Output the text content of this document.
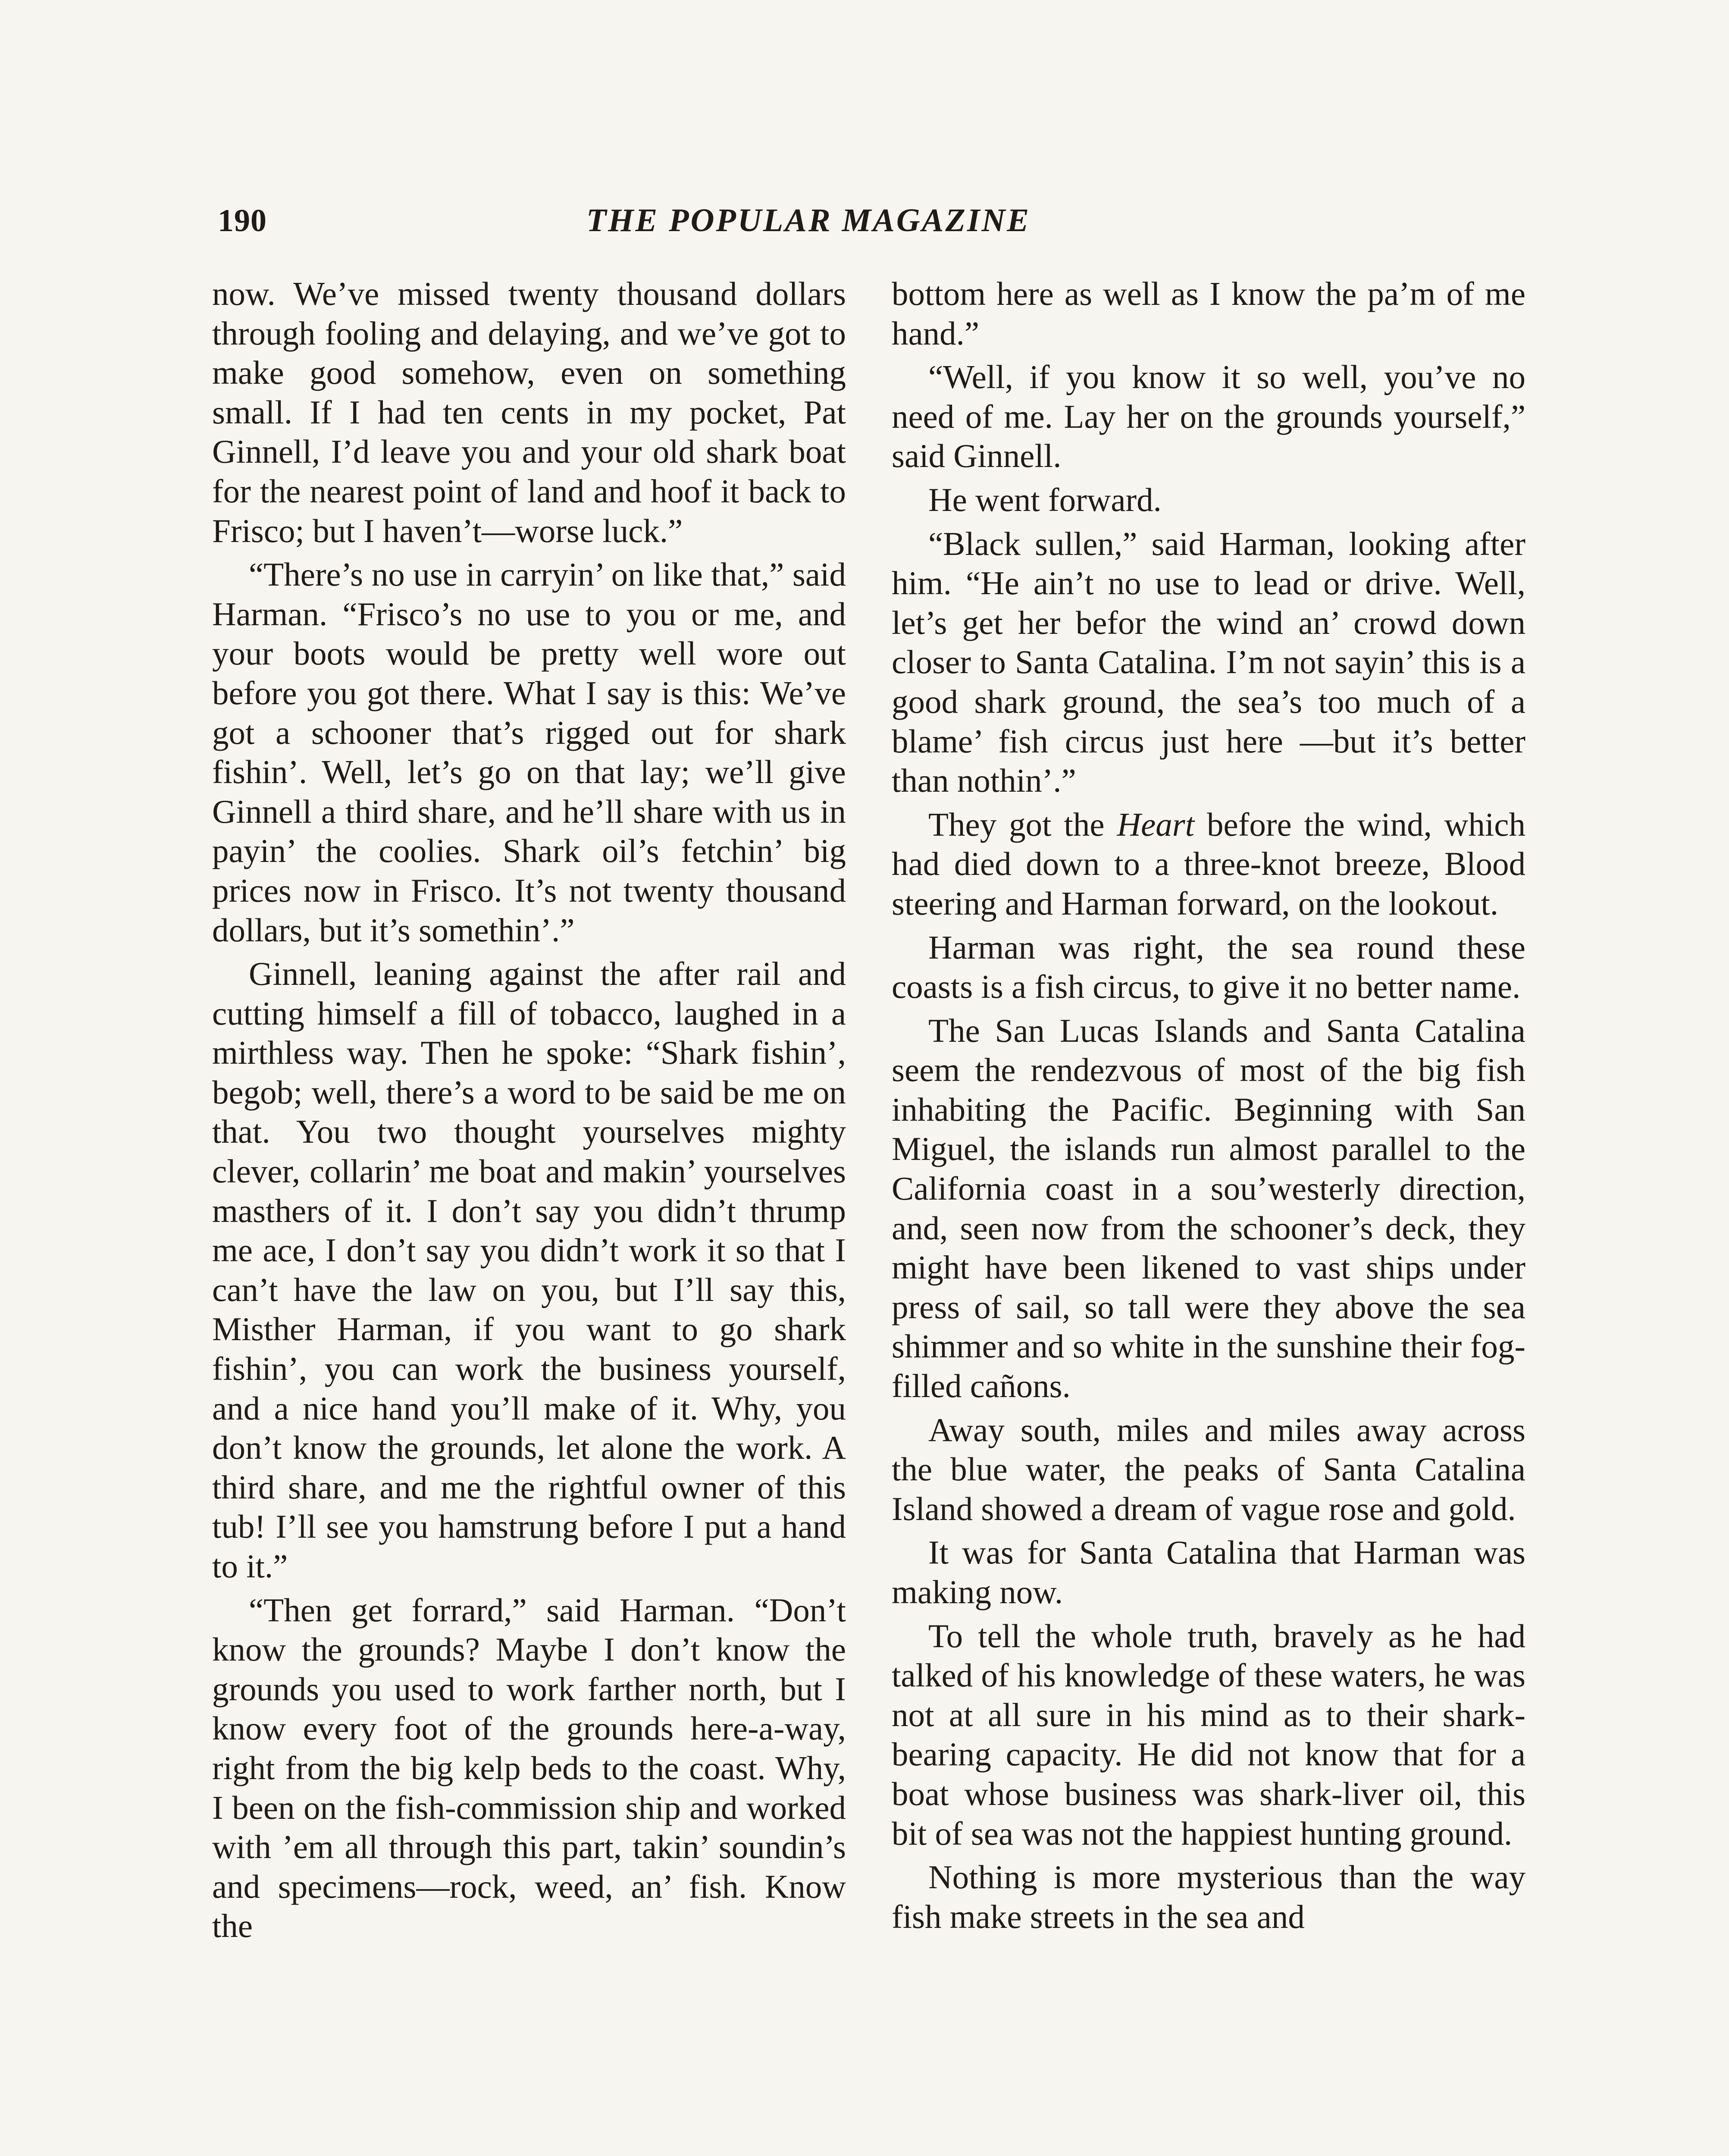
190	THE POPULAR MAGAZINE

now. We’ve missed twenty thousand dollars through fooling and delaying, and we’ve got to make good somehow, even on something small. If I had ten cents in my pocket, Pat Ginnell, I’d leave you and your old shark boat for the nearest point of land and hoof it back to Frisco; but I haven’t—worse luck.”

“There’s no use in carryin’ on like that,” said Harman. “Frisco’s no use to you or me, and your boots would be pretty well wore out before you got there. What I say is this: We’ve got a schooner that’s rigged out for shark fishin’. Well, let’s go on that lay; we’ll give Ginnell a third share, and he’ll share with us in payin’ the coolies. Shark oil’s fetchin’ big prices now in Frisco. It’s not twenty thousand dollars, but it’s somethin’.”

Ginnell, leaning against the after rail and cutting himself a fill of tobacco, laughed in a mirthless way. Then he spoke: “Shark fishin’, begob; well, there’s a word to be said be me on that. You two thought yourselves mighty clever, collarin’ me boat and makin’ yourselves masthers of it. I don’t say you didn’t thrump me ace, I don’t say you didn’t work it so that I can’t have the law on you, but I’ll say this, Misther Harman, if you want to go shark fishin’, you can work the business yourself, and a nice hand you’ll make of it. Why, you don’t know the grounds, let alone the work. A third share, and me the rightful owner of this tub! I’ll see you hamstrung before I put a hand to it.”

“Then get forrard,” said Harman. “Don’t know the grounds? Maybe I don’t know the grounds you used to work farther north, but I know every foot of the grounds here-a-way, right from the big kelp beds to the coast. Why, I been on the fish-commission ship and worked with ’em all through this part, takin’ soundin’s and specimens—rock, weed, an’ fish. Know the

bottom here as well as I know the pa’m of me hand.”

“Well, if you know it so well, you’ve no need of me. Lay her on the grounds yourself,” said Ginnell.

He went forward.

“Black sullen,” said Harman, looking after him. “He ain’t no use to lead or drive. Well, let’s get her befor the wind an’ crowd down closer to Santa Catalina. I’m not sayin’ this is a good shark ground, the sea’s too much of a blame’ fish circus just here —but it’s better than nothin’.”

They got the Heart before the wind, which had died down to a three-knot breeze, Blood steering and Harman forward, on the lookout.

Harman was right, the sea round these coasts is a fish circus, to give it no better name.

The San Lucas Islands and Santa Catalina seem the rendezvous of most of the big fish inhabiting the Pacific. Beginning with San Miguel, the islands run almost parallel to the California coast in a sou’westerly direction, and, seen now from the schooner’s deck, they might have been likened to vast ships under press of sail, so tall were they above the sea shimmer and so white in the sunshine their fog-filled cañons.

Away south, miles and miles away across the blue water, the peaks of Santa Catalina Island showed a dream of vague rose and gold.

It was for Santa Catalina that Harman was making now.

To tell the whole truth, bravely as he had talked of his knowledge of these waters, he was not at all sure in his mind as to their shark-bearing capacity. He did not know that for a boat whose business was shark-liver oil, this bit of sea was not the happiest hunting ground.

Nothing is more mysterious than the way fish make streets in the sea and
